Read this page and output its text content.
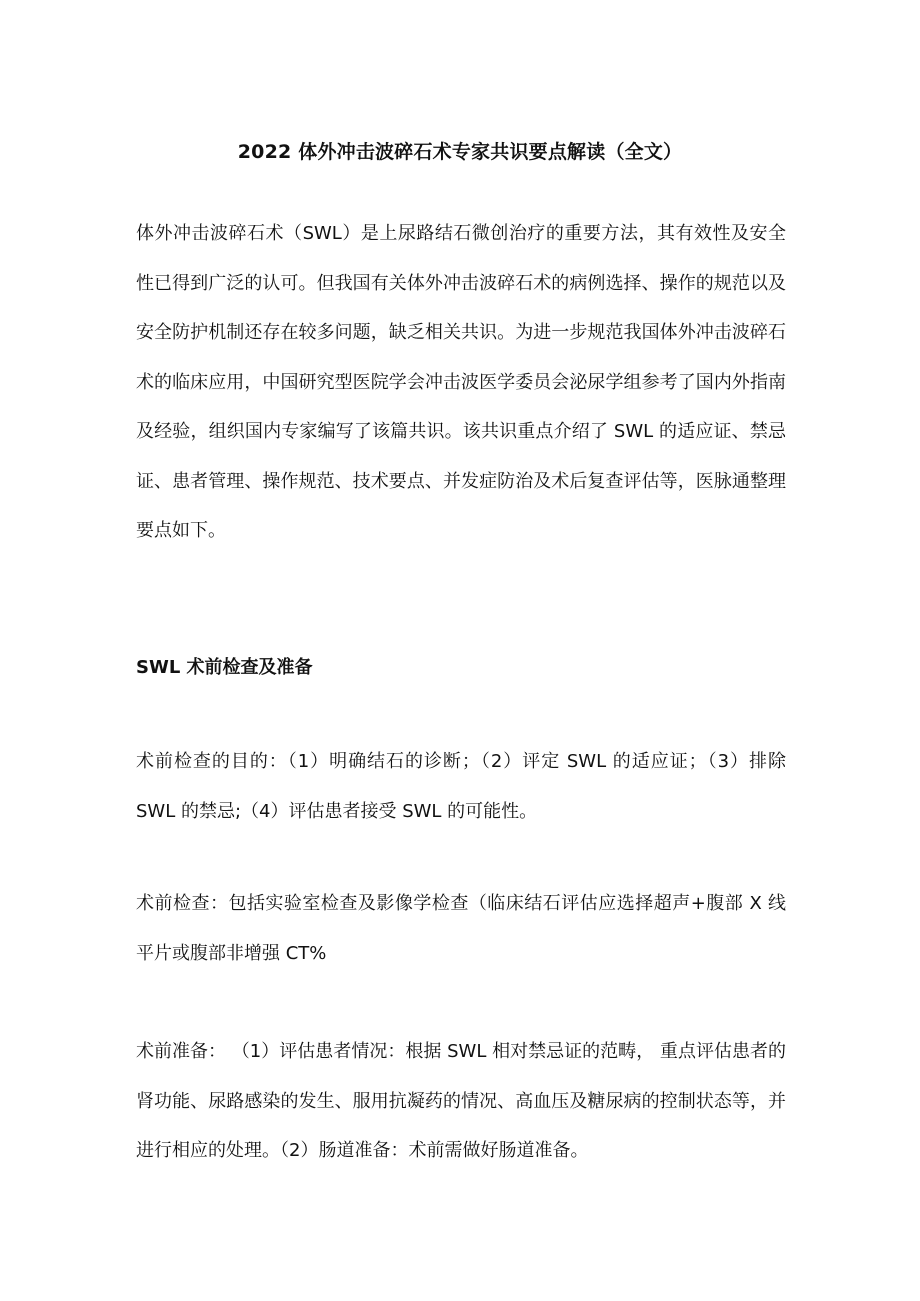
2022 体外冲击波碎石术专家共识要点解读（全文）

体外冲击波碎石术（SWL）是上尿路结石微创治疗的重要方法，其有效性及安全性已得到广泛的认可。但我国有关体外冲击波碎石术的病例选择、操作的规范以及安全防护机制还存在较多问题，缺乏相关共识。为进一步规范我国体外冲击波碎石术的临床应用，中国研究型医院学会冲击波医学委员会泌尿学组参考了国内外指南及经验，组织国内专家编写了该篇共识。该共识重点介绍了 SWL 的适应证、禁忌证、患者管理、操作规范、技术要点、并发症防治及术后复查评估等，医脉通整理要点如下。

SWL 术前检查及准备

术前检查的目的：（1）明确结石的诊断；（2）评定 SWL 的适应证；（3）排除 SWL 的禁忌;（4）评估患者接受 SWL 的可能性。

术前检查：包括实验室检查及影像学检查（临床结石评估应选择超声+腹部 X 线平片或腹部非增强 CT%

术前准备： （1）评估患者情况：根据 SWL 相对禁忌证的范畴， 重点评估患者的肾功能、尿路感染的发生、服用抗凝药的情况、高血压及糖尿病的控制状态等，并进行相应的处理。（2）肠道准备：术前需做好肠道准备。
